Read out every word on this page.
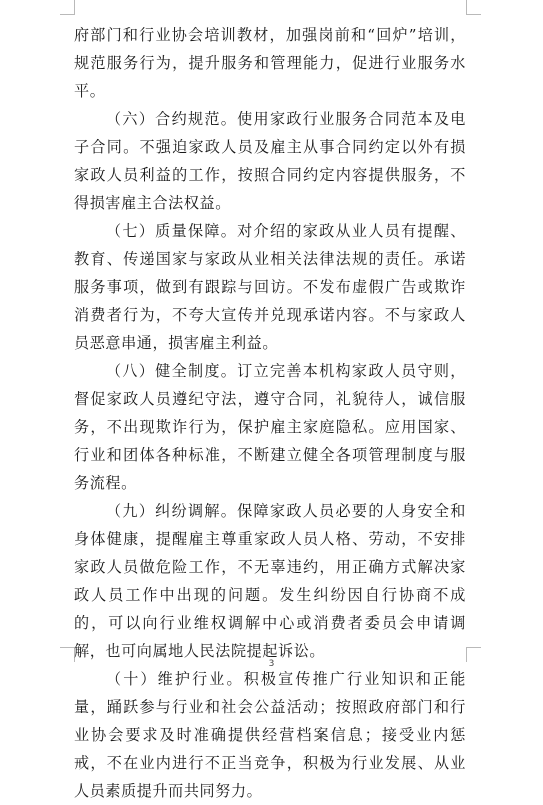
府部门和行业协会培训教材，加强岗前和“回炉”培训，规范服务行为，提升服务和管理能力，促进行业服务水平。

（六）合约规范。使用家政行业服务合同范本及电子合同。不强迫家政人员及雇主从事合同约定以外有损家政人员利益的工作，按照合同约定内容提供服务，不得损害雇主合法权益。

（七）质量保障。对介绍的家政从业人员有提醒、教育、传递国家与家政从业相关法律法规的责任。承诺服务事项，做到有跟踪与回访。不发布虚假广告或欺诈消费者行为，不夸大宣传并兑现承诺内容。不与家政人员恶意串通，损害雇主利益。

（八）健全制度。订立完善本机构家政人员守则，督促家政人员遵纪守法，遵守合同，礼貌待人，诚信服务，不出现欺诈行为，保护雇主家庭隐私。应用国家、行业和团体各种标准，不断建立健全各项管理制度与服务流程。

（九）纠纷调解。保障家政人员必要的人身安全和身体健康，提醒雇主尊重家政人员人格、劳动，不安排家政人员做危险工作，不无辜违约，用正确方式解决家政人员工作中出现的问题。发生纠纷因自行协商不成的，可以向行业维权调解中心或消费者委员会申请调解，也可向属地人民法院提起诉讼。

（十）维护行业。积极宣传推广行业知识和正能量，踊跃参与行业和社会公益活动；按照政府部门和行业协会要求及时准确提供经营档案信息；接受业内惩戒，不在业内进行不正当竞争，积极为行业发展、从业人员素质提升而共同努力。

3
